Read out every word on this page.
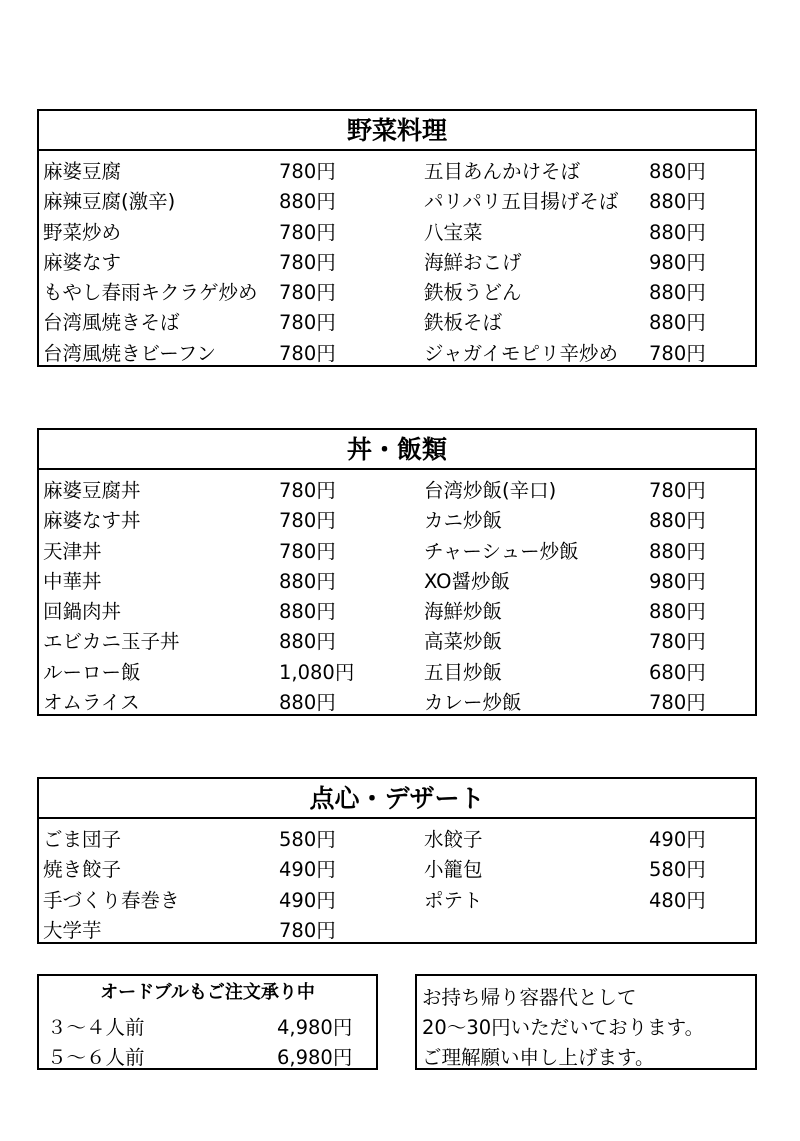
野菜料理
麻婆豆腐	780円	五目あんかけそば	880円
麻辣豆腐(激辛)	880円	パリパリ五目揚げそば 880円
野菜炒め	780円	八宝菜	880円
麻婆なす	780円	海鮮おこげ	980円
もやし春雨キクラゲ炒め 780円	鉄板うどん	880円
台湾風焼きそば	780円	鉄板そば	880円
台湾風焼きビーフン	780円	ジャガイモピリ辛炒め 780円
丼・飯類
麻婆豆腐丼	780円	台湾炒飯(辛口)	780円
麻婆なす丼	780円	カニ炒飯	880円
天津丼	780円	チャーシュー炒飯	880円
中華丼	880円	XO醤炒飯	980円
回鍋肉丼	880円	海鮮炒飯	880円
エビカニ玉子丼	880円	高菜炒飯	780円
ルーロー飯	1,080円	五目炒飯	680円
オムライス	880円	カレー炒飯	780円
点心・デザート
ごま団子	580円	水餃子	490円
焼き餃子	490円	小籠包	580円
手づくり春巻き	490円	ポテト	480円
大学芋	780円
オードブルもご注文承り中
３～４人前	4,980円
５～６人前	6,980円
お持ち帰り容器代として
20～30円いただいております。
ご理解願い申し上げます。
